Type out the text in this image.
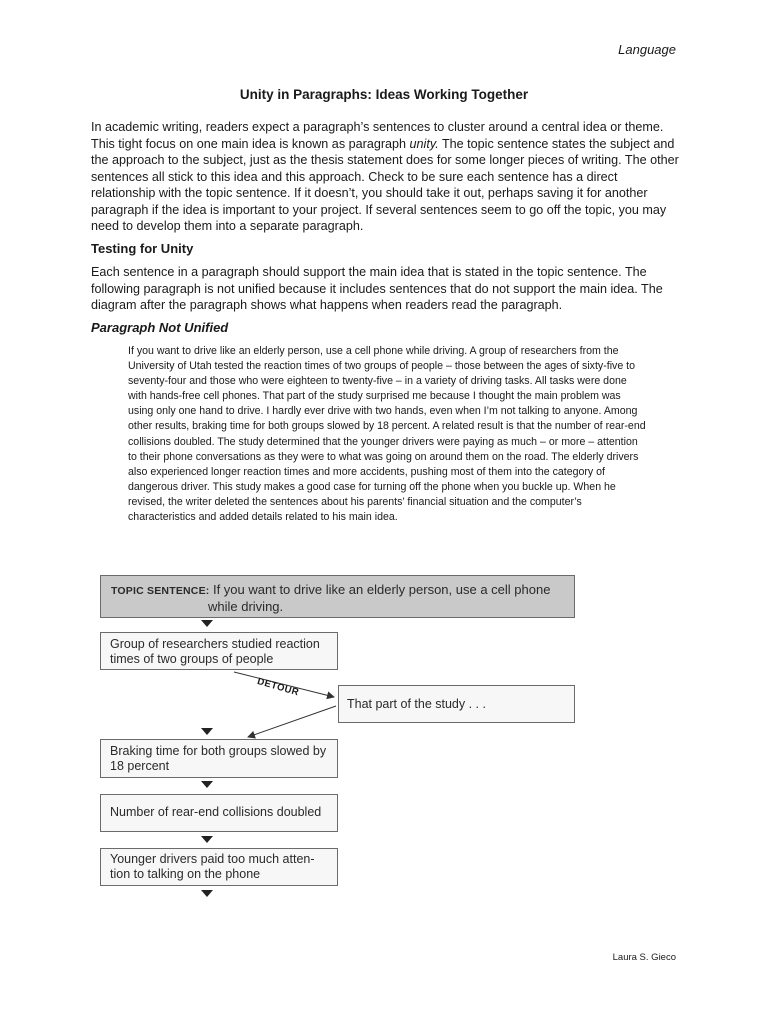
Language
Unity in Paragraphs: Ideas Working Together

In academic writing, readers expect a paragraph’s sentences to cluster around a central idea or theme. This tight focus on one main idea is known as paragraph unity. The topic sentence states the subject and the approach to the subject, just as the thesis statement does for some longer pieces of writing. The other sentences all stick to this idea and this approach. Check to be sure each sentence has a direct relationship with the topic sentence. If it doesn’t, you should take it out, perhaps saving it for another paragraph if the idea is important to your project. If several sentences seem to go off the topic, you may need to develop them into a separate paragraph.

Testing for Unity

Each sentence in a paragraph should support the main idea that is stated in the topic sentence. The following paragraph is not unified because it includes sentences that do not support the main idea. The diagram after the paragraph shows what happens when readers read the paragraph.

Paragraph Not Unified

If you want to drive like an elderly person, use a cell phone while driving. A group of researchers from the University of Utah tested the reaction times of two groups of people – those between the ages of sixty-five to seventy-four and those who were eighteen to twenty-five – in a variety of driving tasks. All tasks were done with hands-free cell phones. That part of the study surprised me because I thought the main problem was using only one hand to drive. I hardly ever drive with two hands, even when I’m not talking to anyone. Among other results, braking time for both groups slowed by 18 percent. A related result is that the number of rear-end collisions doubled. The study determined that the younger drivers were paying as much – or more – attention to their phone conversations as they were to what was going on around them on the road. The elderly drivers also experienced longer reaction times and more accidents, pushing most of them into the category of dangerous driver. This study makes a good case for turning off the phone when you buckle up. When he revised, the writer deleted the sentences about his parents’ financial situation and the computer’s characteristics and added details related to his main idea.

TOPIC SENTENCE: If you want to drive like an elderly person, use a cell phone
while driving.
Group of researchers studied reaction times of two groups of people
DETOUR
That part of the study . . .
Braking time for both groups slowed by 18 percent
Number of rear-end collisions doubled
Younger drivers paid too much atten-tion to talking on the phone
Laura S. Gieco
